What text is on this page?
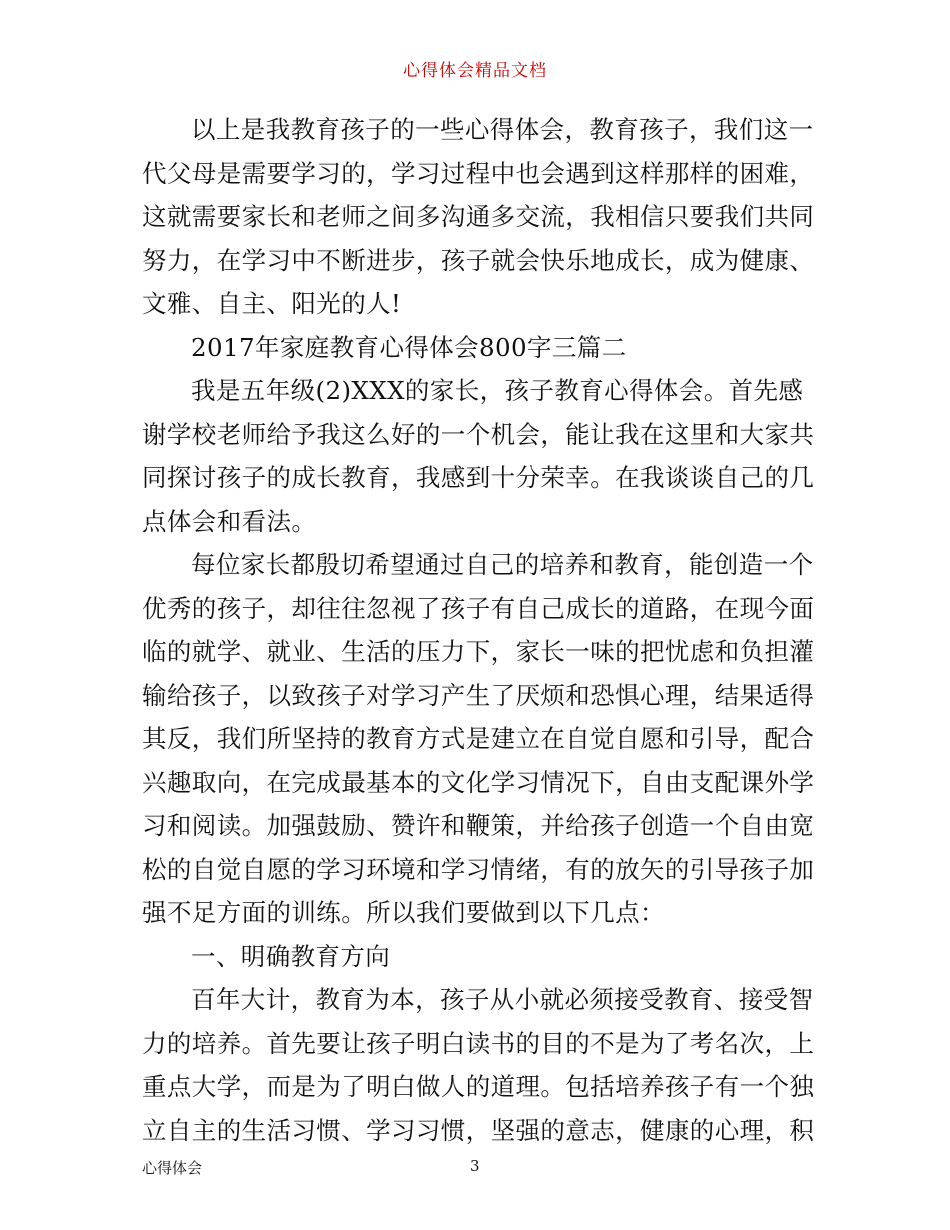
心得体会精品文档
以上是我教育孩子的一些心得体会，教育孩子，我们这一
代父母是需要学习的，学习过程中也会遇到这样那样的困难，
这就需要家长和老师之间多沟通多交流，我相信只要我们共同
努力，在学习中不断进步，孩子就会快乐地成长，成为健康、
文雅、自主、阳光的人!
2017年家庭教育心得体会800字三篇二
我是五年级(2)XXX的家长，孩子教育心得体会。首先感
谢学校老师给予我这么好的一个机会，能让我在这里和大家共
同探讨孩子的成长教育，我感到十分荣幸。在我谈谈自己的几
点体会和看法。
每位家长都殷切希望通过自己的培养和教育，能创造一个
优秀的孩子，却往往忽视了孩子有自己成长的道路，在现今面
临的就学、就业、生活的压力下，家长一味的把忧虑和负担灌
输给孩子，以致孩子对学习产生了厌烦和恐惧心理，结果适得
其反，我们所坚持的教育方式是建立在自觉自愿和引导，配合
兴趣取向，在完成最基本的文化学习情况下，自由支配课外学
习和阅读。加强鼓励、赞许和鞭策，并给孩子创造一个自由宽
松的自觉自愿的学习环境和学习情绪，有的放矢的引导孩子加
强不足方面的训练。所以我们要做到以下几点：
一、明确教育方向
百年大计，教育为本，孩子从小就必须接受教育、接受智
力的培养。首先要让孩子明白读书的目的不是为了考名次，上
重点大学，而是为了明白做人的道理。包括培养孩子有一个独
立自主的生活习惯、学习习惯，坚强的意志，健康的心理，积
心得体会	3
